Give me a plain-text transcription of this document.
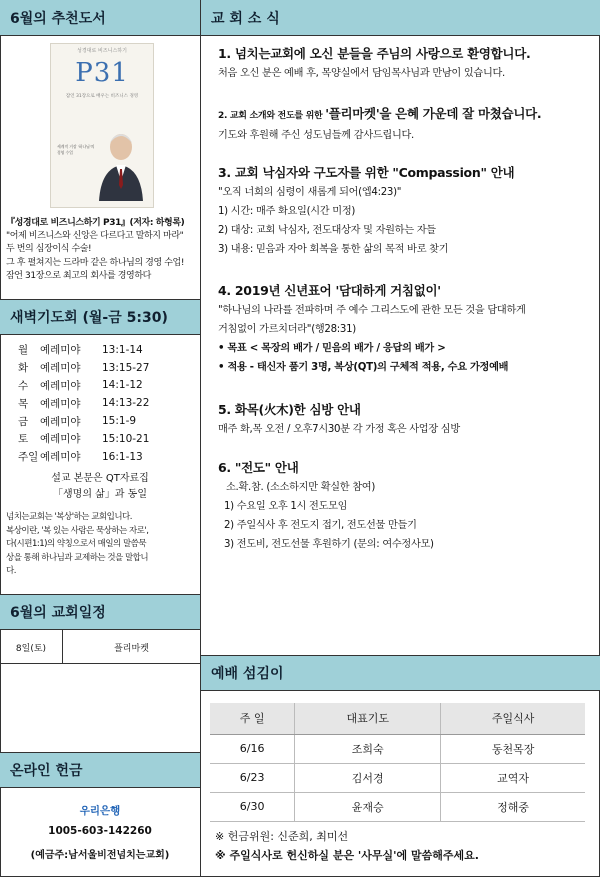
6월의 추천도서
성경대로 비즈니스하기
P31
잠언 31장으로 배우는 비즈니스 경영
세계적 거장 '하나님'의 경영 수업
『성경대로 비즈니스하기 P31』(저자: 하형록)
"어제 비즈니스와 신앙은 다르다고 말하지 마라"
두 번의 심장이식 수술!
그 후 펼쳐지는 드라마 같은 하나님의 경영 수업!
잠언 31장으로 최고의 회사를 경영하다
새벽기도회 (월-금 5:30)
월	예레미야	13:1-14
화	예레미야	13:15-27
수	예레미야	14:1-12
목	예레미야	14:13-22
금	예레미야	15:1-9
토	예레미야	15:10-21
주일 예레미야	16:1-13
설교 본문은 QT자료집
「생명의 삶」과 동일
넘치는교회는 '복상'하는 교회입니다.
복상이란, '복 있는 사람은 묵상하는 자로',
다(시편1:1)의 약칭으로서 매일의 말씀묵
상을 통해 하나님과 교제하는 것을 말합니
다.
6월의 교회일정
8일(토)	플리마켓
온라인 헌금
우리은행
1005-603-142260
(예금주:남서울비전넘치는교회)
교 회 소 식
1. 넘치는교회에 오신 분들을 주님의 사랑으로 환영합니다.

처음 오신 분은 예배 후, 목양실에서 담임목사님과 만남이 있습니다.

2. 교회 소개와 전도를 위한 '플리마켓'을 은혜 가운데 잘 마쳤습니다.

기도와 후원해 주신 성도님들께 감사드립니다.

3. 교회 낙심자와 구도자를 위한 "Compassion" 안내

"오직 너희의 심령이 새롭게 되어(엡4:23)"

1) 시간: 매주 화요일(시간 미정)

2) 대상: 교회 낙심자, 전도대상자 및 자원하는 자들

3) 내용: 믿음과 자아 회복을 통한 삶의 목적 바로 찾기

4. 2019년 신년표어 '담대하게 거침없이'

"하나님의 나라를 전파하며 주 예수 그리스도에 관한 모든 것을 담대하게

거침없이 가르치더라"(행28:31)

• 목표 < 목장의 배가 / 믿음의 배가 / 응답의 배가 >

• 적용 - 태신자 품기 3명, 복상(QT)의 구체적 적용, 수요 가정예배

5. 화목(火木)한 심방 안내

매주 화,목 오전 / 오후7시30분 각 가정 혹은 사업장 심방

6. "전도" 안내

소.확.참. (소소하지만 확실한 참여)

1) 수요일 오후 1시 전도모임

2) 주일식사 후 전도지 접기, 전도선물 만들기

3) 전도비, 전도선물 후원하기 (문의: 여수정사모)

예배 섬김이
주 일	대표기도	주일식사
6/16	조희숙	동천목장
6/23	김서경	교역자
6/30	윤재승	정해중
※ 헌금위원: 신준희, 최미선
※ 주일식사로 헌신하실 분은 '사무실'에 말씀해주세요.
